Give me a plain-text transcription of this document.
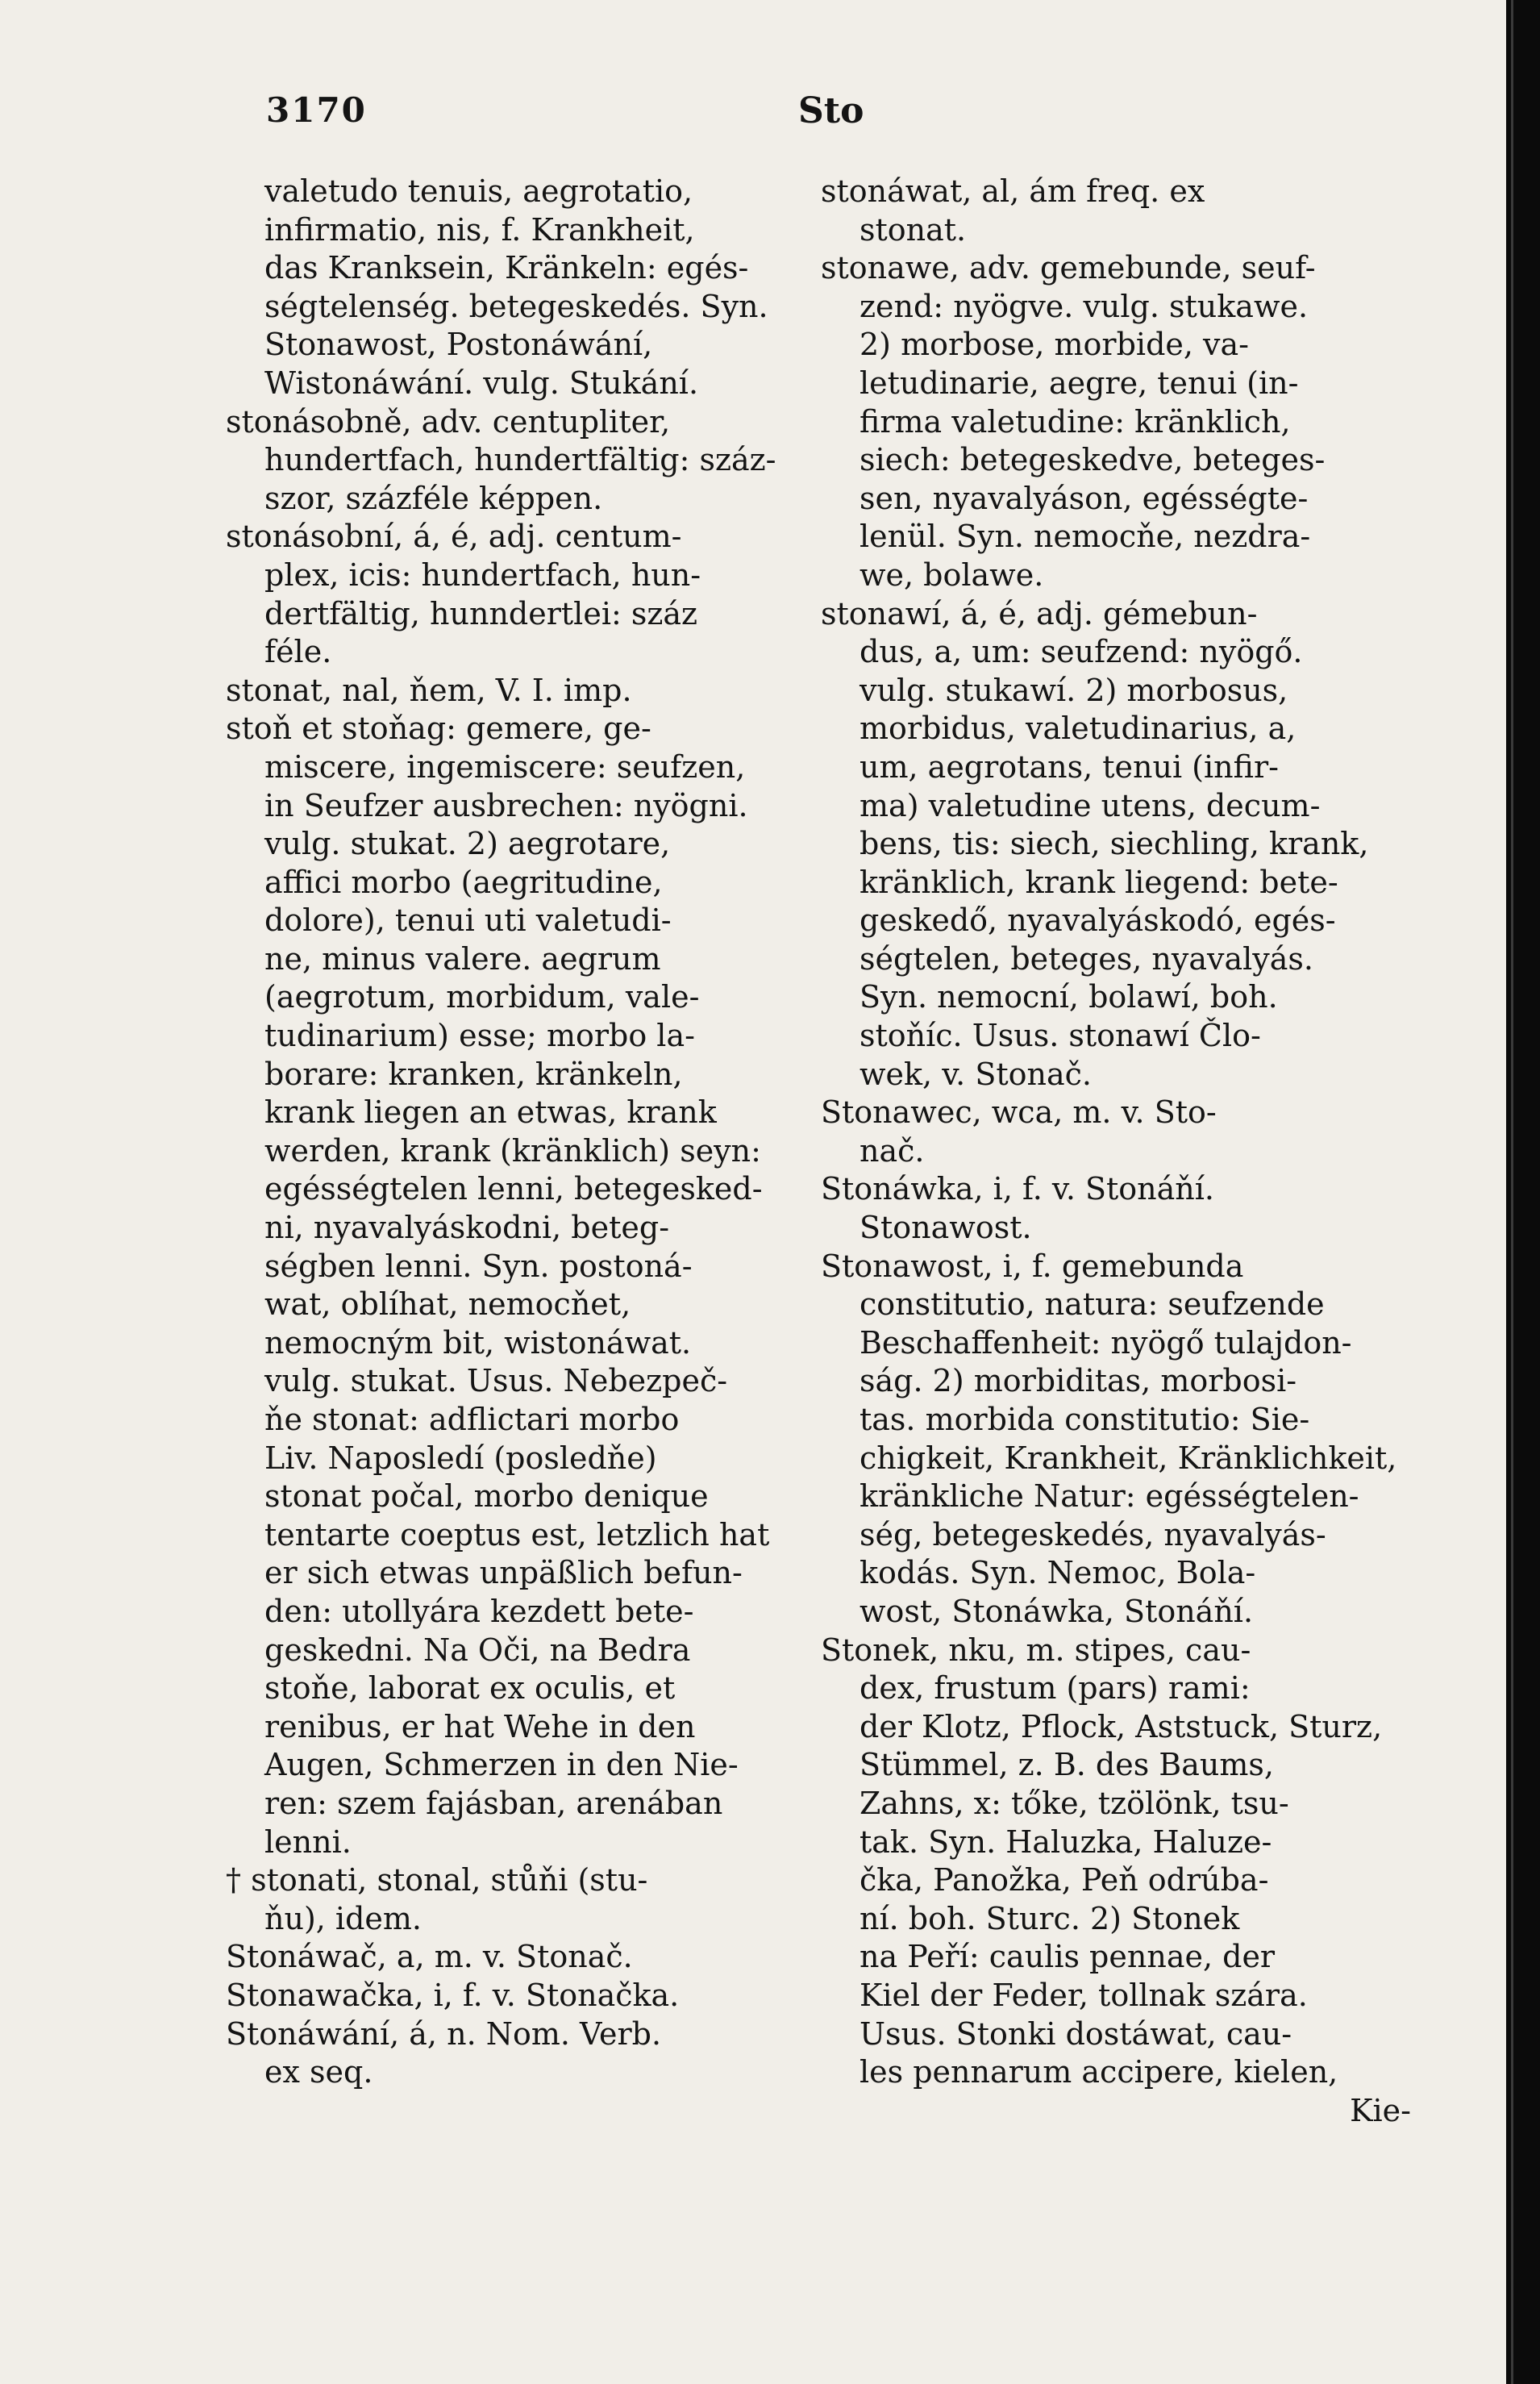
3170	Sto
valetudo tenuis, aegrotatio,
infirmatio, nis, f. Krankheit,
das Kranksein, Kränkeln: egés-
ségtelenség. betegeskedés. Syn.
Stonawost, Postonáwání,
Wistonáwání. vulg. Stukání.
stonásobně, adv. centupliter,
hundertfach, hundertfältig: száz-
szor, százféle képpen.
stonásobní, á, é, adj. centum-
plex, icis: hundertfach, hun-
dertfältig, hunndertlei: száz
féle.
stonat, nal, ňem, V. I. imp.
stoň et stoňag: gemere, ge-
miscere, ingemiscere: seufzen,
in Seufzer ausbrechen: nyögni.
vulg. stukat. 2) aegrotare,
affici morbo (aegritudine,
dolore), tenui uti valetudi-
ne, minus valere. aegrum
(aegrotum, morbidum, vale-
tudinarium) esse; morbo la-
borare: kranken, kränkeln,
krank liegen an etwas, krank
werden, krank (kränklich) seyn:
egésségtelen lenni, betegesked-
ni, nyavalyáskodni, beteg-
ségben lenni. Syn. postoná-
wat, oblíhat, nemocňet,
nemocným bit, wistonáwat.
vulg. stukat. Usus. Nebezpeč-
ňe stonat: adflictari morbo
Liv. Naposledí (posledňe)
stonat počal, morbo denique
tentarte coeptus est, letzlich hat
er sich etwas unpäßlich befun-
den: utollyára kezdett bete-
geskedni. Na Oči, na Bedra
stoňe, laborat ex oculis, et
renibus, er hat Wehe in den
Augen, Schmerzen in den Nie-
ren: szem fajásban, arenában
lenni.
† stonati, stonal, stůňi (stu-
ňu), idem.
Stonáwač, a, m. v. Stonač.
Stonawačka, i, f. v. Stonačka.
Stonáwání, á, n. Nom. Verb.
ex seq.
stonáwat, al, ám freq. ex
stonat.
stonawe, adv. gemebunde, seuf-
zend: nyögve. vulg. stukawe.
2) morbose, morbide, va-
letudinarie, aegre, tenui (in-
firma valetudine: kränklich,
siech: betegeskedve, beteges-
sen, nyavalyáson, egésségte-
lenül. Syn. nemocňe, nezdra-
we, bolawe.
stonawí, á, é, adj. gémebun-
dus, a, um: seufzend: nyögő.
vulg. stukawí. 2) morbosus,
morbidus, valetudinarius, a,
um, aegrotans, tenui (infir-
ma) valetudine utens, decum-
bens, tis: siech, siechling, krank,
kränklich, krank liegend: bete-
geskedő, nyavalyáskodó, egés-
ségtelen, beteges, nyavalyás.
Syn. nemocní, bolawí, boh.
stoňíc. Usus. stonawí Člo-
wek, v. Stonač.
Stonawec, wca, m. v. Sto-
nač.
Stonáwka, i, f. v. Stonáňí.
Stonawost.
Stonawost, i, f. gemebunda
constitutio, natura: seufzende
Beschaffenheit: nyögő tulajdon-
ság. 2) morbiditas, morbosi-
tas. morbida constitutio: Sie-
chigkeit, Krankheit, Kränklichkeit,
kränkliche Natur: egésségtelen-
ség, betegeskedés, nyavalyás-
kodás. Syn. Nemoc, Bola-
wost, Stonáwka, Stonáňí.
Stonek, nku, m. stipes, cau-
dex, frustum (pars) rami:
der Klotz, Pflock, Aststuck, Sturz,
Stümmel, z. B. des Baums,
Zahns, x: tőke, tzölönk, tsu-
tak. Syn. Haluzka, Haluze-
čka, Panožka, Peň odrúba-
ní. boh. Sturc. 2) Stonek
na Peří: caulis pennae, der
Kiel der Feder, tollnak szára.
Usus. Stonki dostáwat, cau-
les pennarum accipere, kielen,
Kie-
